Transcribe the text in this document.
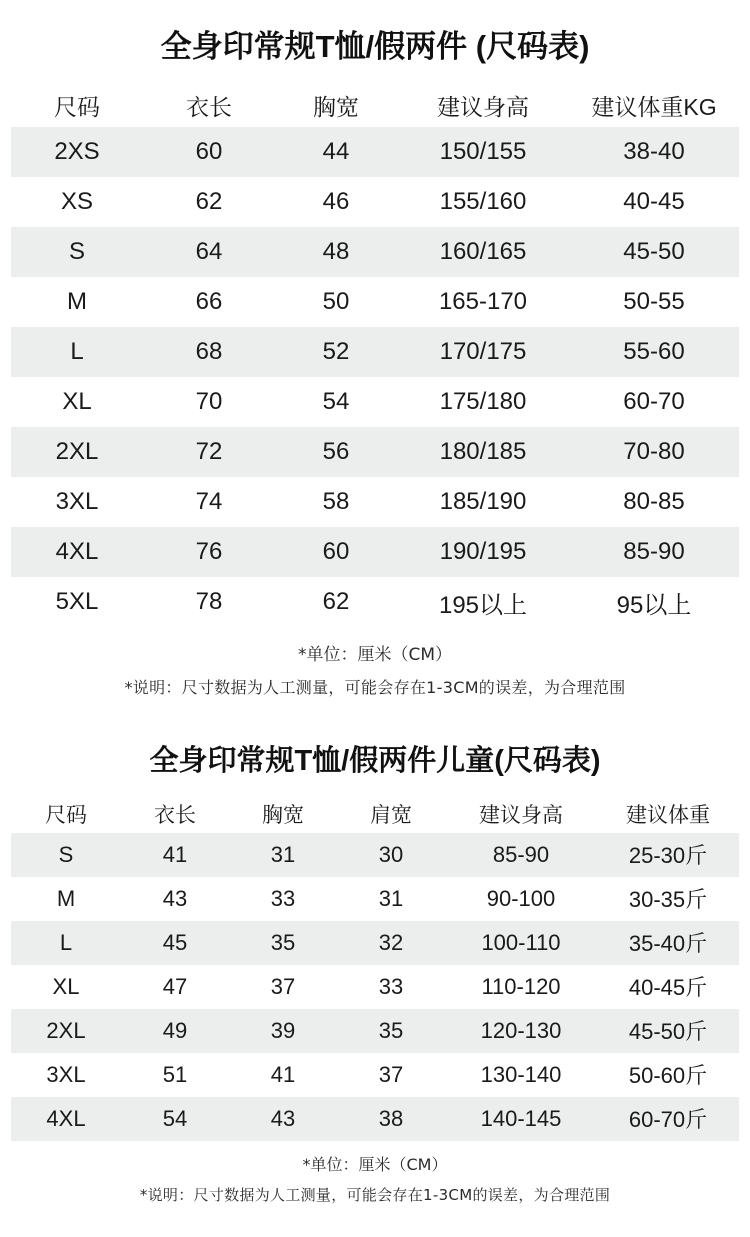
全身印常规T恤/假两件 (尺码表)
尺码	衣长	胸宽	建议身高	建议体重KG
2XS	60	44	150/155	38-40
XS	62	46	155/160	40-45
S	64	48	160/165	45-50
M	66	50	165-170	50-55
L	68	52	170/175	55-60
XL	70	54	175/180	60-70
2XL	72	56	180/185	70-80
3XL	74	58	185/190	80-85
4XL	76	60	190/195	85-90
5XL	78	62	195以上	95以上
*单位：厘米（CM）
*说明：尺寸数据为人工测量，可能会存在1-3CM的误差，为合理范围
全身印常规T恤/假两件儿童(尺码表)
尺码	衣长	胸宽	肩宽	建议身高	建议体重
S	41	31	30	85-90	25-30斤
M	43	33	31	90-100	30-35斤
L	45	35	32	100-110	35-40斤
XL	47	37	33	110-120	40-45斤
2XL	49	39	35	120-130	45-50斤
3XL	51	41	37	130-140	50-60斤
4XL	54	43	38	140-145	60-70斤
*单位：厘米（CM）
*说明：尺寸数据为人工测量，可能会存在1-3CM的误差，为合理范围
